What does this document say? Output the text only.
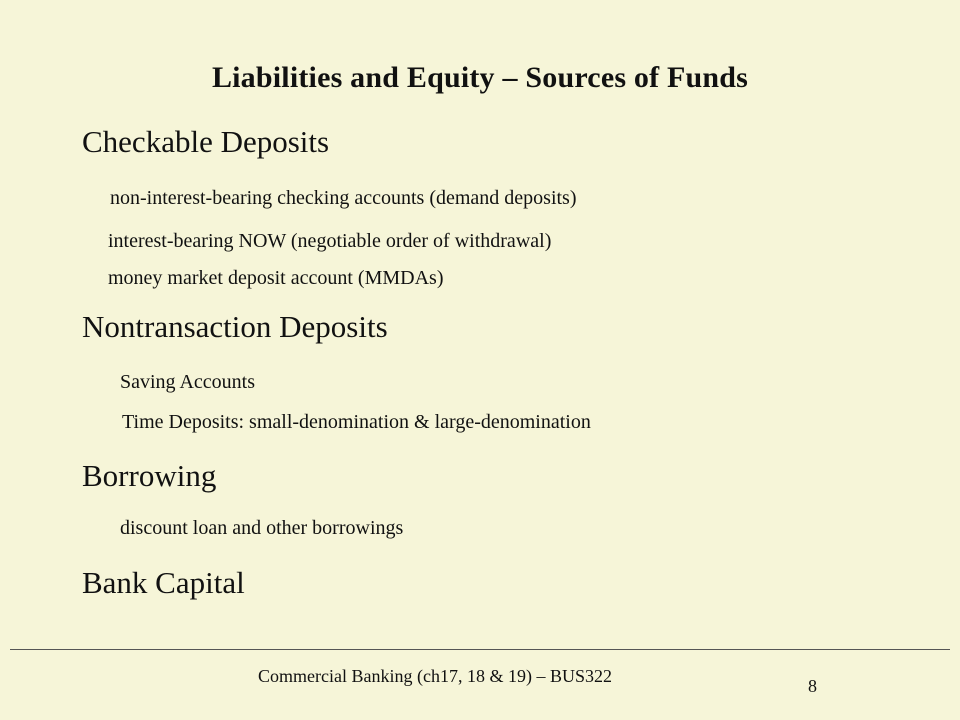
Liabilities and Equity – Sources of Funds
Checkable Deposits
non-interest-bearing checking accounts (demand deposits)
interest-bearing NOW (negotiable order of withdrawal)
money market deposit account (MMDAs)
Nontransaction Deposits
Saving Accounts
Time Deposits: small-denomination & large-denomination
Borrowing
discount loan and other borrowings
Bank Capital
Commercial Banking (ch17, 18 & 19) – BUS322	8
